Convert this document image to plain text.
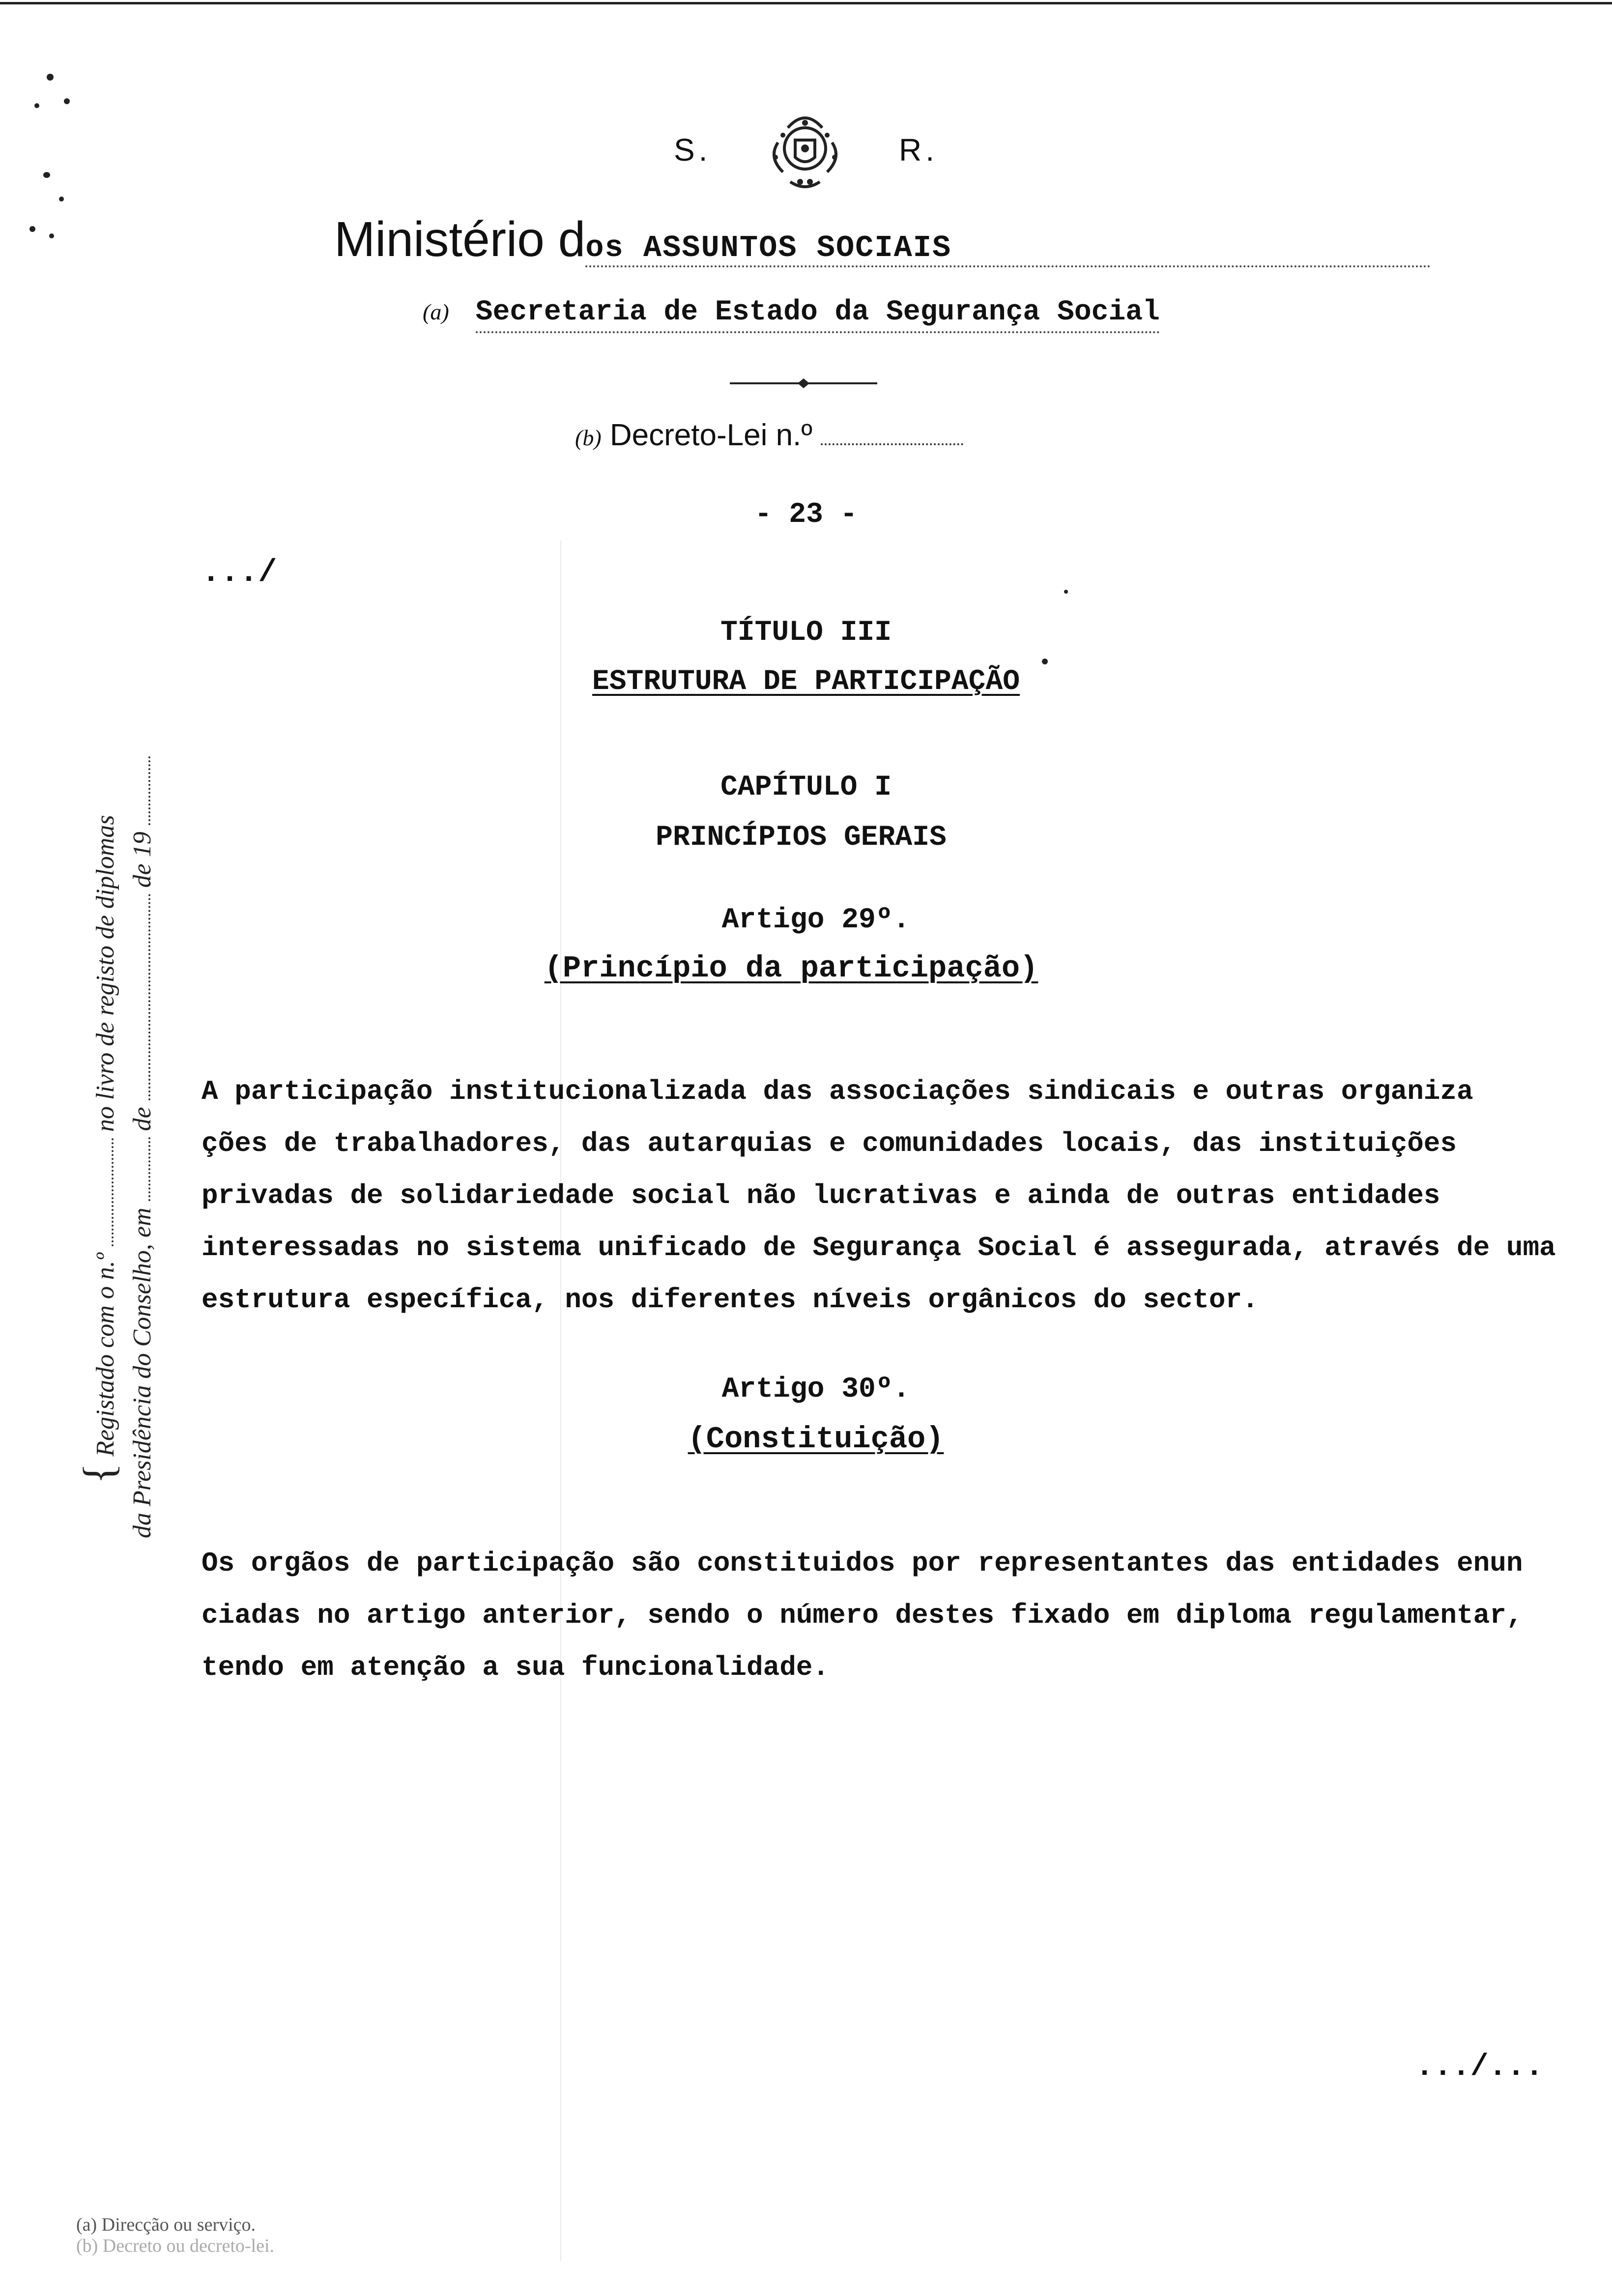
S.	R.
Ministério dos ASSUNTOS SOCIAIS
(a) Secretaria de Estado da Segurança Social
(b) Decreto-Lei n.º
- 23 -
.../
TÍTULO III
ESTRUTURA DE PARTICIPAÇÃO
CAPÍTULO I
PRINCÍPIOS GERAIS
Artigo 29º.
(Princípio da participação)
A participação institucionalizada das associações sindicais e outras organiza
ções de trabalhadores, das autarquias e comunidades locais, das instituições
privadas de solidariedade social não lucrativas e ainda de outras entidades
interessadas no sistema unificado de Segurança Social é assegurada, através de uma
estrutura específica, nos diferentes níveis orgânicos do sector.
Artigo 30º.
(Constituição)
Os orgãos de participação são constituidos por representantes das entidades enun
ciadas no artigo anterior, sendo o número destes fixado em diploma regulamentar,
tendo em atenção a sua funcionalidade.
.../...
{ Registado com o n.º  no livro de registo de diplomas
da Presidência do Conselho, em  de  de 19
(a) Direcção ou serviço.
(b) Decreto ou decreto-lei.
